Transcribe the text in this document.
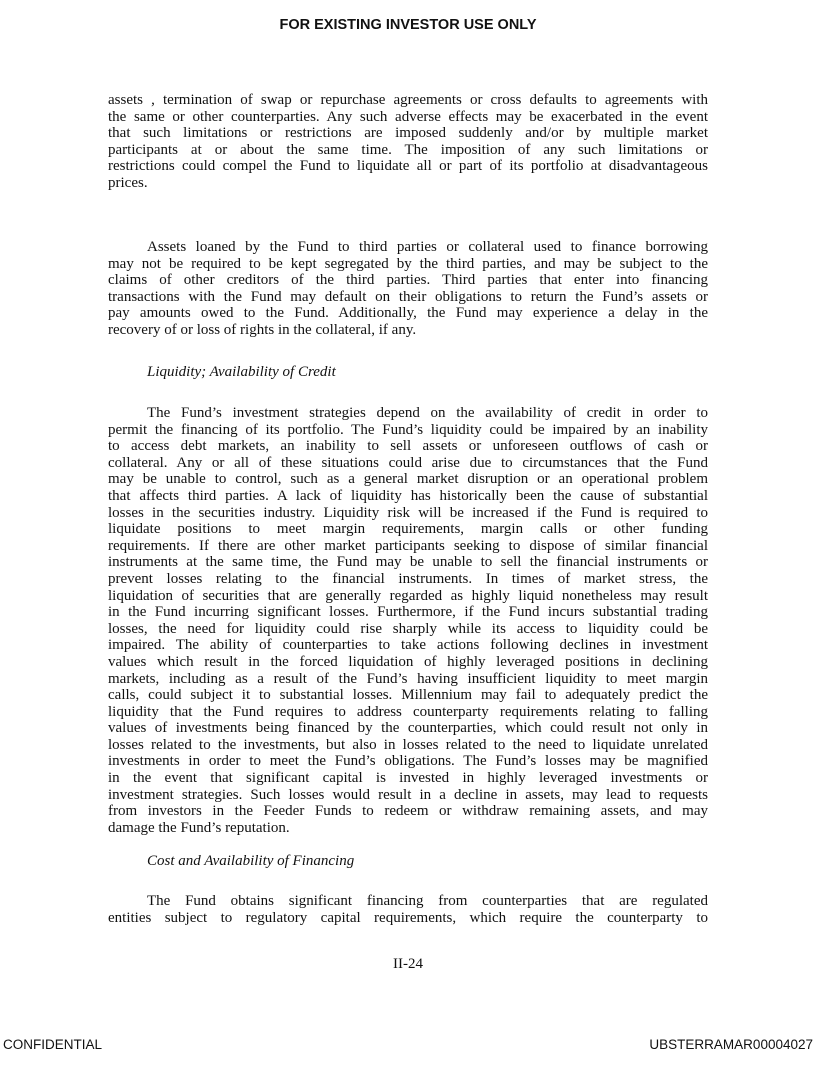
FOR EXISTING INVESTOR USE ONLY
assets , termination of swap or repurchase agreements or cross defaults to agreements with
the same or other counterparties. Any such adverse effects may be exacerbated in the event
that such limitations or restrictions are imposed suddenly and/or by multiple market
participants at or about the same time. The imposition of any such limitations or
restrictions could compel the Fund to liquidate all or part of its portfolio at disadvantageous
prices.
Assets loaned by the Fund to third parties or collateral used to finance borrowing
may not be required to be kept segregated by the third parties, and may be subject to the
claims of other creditors of the third parties. Third parties that enter into financing
transactions with the Fund may default on their obligations to return the Fund’s assets or
pay amounts owed to the Fund. Additionally, the Fund may experience a delay in the
recovery of or loss of rights in the collateral, if any.
Liquidity; Availability of Credit
The Fund’s investment strategies depend on the availability of credit in order to
permit the financing of its portfolio. The Fund’s liquidity could be impaired by an inability
to access debt markets, an inability to sell assets or unforeseen outflows of cash or
collateral. Any or all of these situations could arise due to circumstances that the Fund
may be unable to control, such as a general market disruption or an operational problem
that affects third parties. A lack of liquidity has historically been the cause of substantial
losses in the securities industry. Liquidity risk will be increased if the Fund is required to
liquidate positions to meet margin requirements, margin calls or other funding
requirements. If there are other market participants seeking to dispose of similar financial
instruments at the same time, the Fund may be unable to sell the financial instruments or
prevent losses relating to the financial instruments. In times of market stress, the
liquidation of securities that are generally regarded as highly liquid nonetheless may result
in the Fund incurring significant losses. Furthermore, if the Fund incurs substantial trading
losses, the need for liquidity could rise sharply while its access to liquidity could be
impaired. The ability of counterparties to take actions following declines in investment
values which result in the forced liquidation of highly leveraged positions in declining
markets, including as a result of the Fund’s having insufficient liquidity to meet margin
calls, could subject it to substantial losses. Millennium may fail to adequately predict the
liquidity that the Fund requires to address counterparty requirements relating to falling
values of investments being financed by the counterparties, which could result not only in
losses related to the investments, but also in losses related to the need to liquidate unrelated
investments in order to meet the Fund’s obligations. The Fund’s losses may be magnified
in the event that significant capital is invested in highly leveraged investments or
investment strategies. Such losses would result in a decline in assets, may lead to requests
from investors in the Feeder Funds to redeem or withdraw remaining assets, and may
damage the Fund’s reputation.
Cost and Availability of Financing
The Fund obtains significant financing from counterparties that are regulated
entities subject to regulatory capital requirements, which require the counterparty to
II-24
CONFIDENTIAL	UBSTERRAMAR00004027
